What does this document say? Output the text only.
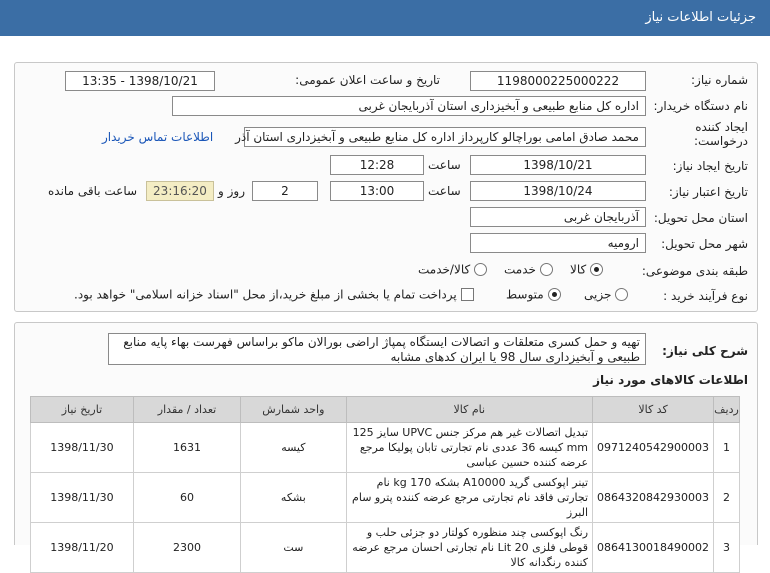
جزئیات اطلاعات نیاز
شماره نیاز:
1198000225000222
تاریخ و ساعت اعلان عمومی:
1398/10/21 - 13:35
نام دستگاه خریدار:
اداره کل منابع طبیعی و آبخیزداری استان آذربایجان غربی
ایجاد کننده
درخواست:
محمد صادق امامی بوراچالو کارپرداز اداره کل منابع طبیعی و آبخیزداری استان آذر
اطلاعات تماس خریدار
تاریخ ایجاد نیاز:
1398/10/21
ساعت
12:28
تاریخ اعتبار نیاز:
1398/10/24
ساعت
13:00
2
روز و
23:16:20
ساعت باقی مانده
استان محل تحویل:
آذربایجان غربی
شهر محل تحویل:
ارومیه
طبقه بندی موضوعی:
کالا
خدمت
کالا/خدمت
نوع فرآیند خرید :
جزیی
متوسط
پرداخت تمام یا بخشی از مبلغ خرید،از محل "اسناد خزانه اسلامی" خواهد بود.
شرح کلی نیاز:
تهیه و حمل کسری متعلقات و اتصالات ایستگاه پمپاژ اراضی بورالان ماکو براساس فهرست بهاء پایه منابع طبیعی و آبخیزداری سال 98 یا ایران کدهای مشابه
اطلاعات کالاهای مورد نیاز
ردیف	کد کالا	نام کالا	واحد شمارش	تعداد / مقدار	تاریخ نیاز
1	0971240542900003	تبدیل اتصالات غیر هم مرکز جنس UPVC سایز 125 mm کیسه 36 عددی نام تجارتی تابان پولیکا مرجع عرضه کننده حسین عباسی	کیسه	1631	1398/11/30
2	0864320842930003	تینر اپوکسی گرید A10000 بشکه 170 kg نام تجارتی فاقد نام تجارتی مرجع عرضه کننده پترو سام البرز	بشکه	60	1398/11/30
3	0864130018490002	رنگ اپوکسی چند منظوره کولتار دو جزئی حلب و قوطی فلزی Lit 20 نام تجارتی احسان مرجع عرضه کننده رنگدانه کالا	ست	2300	1398/11/20
